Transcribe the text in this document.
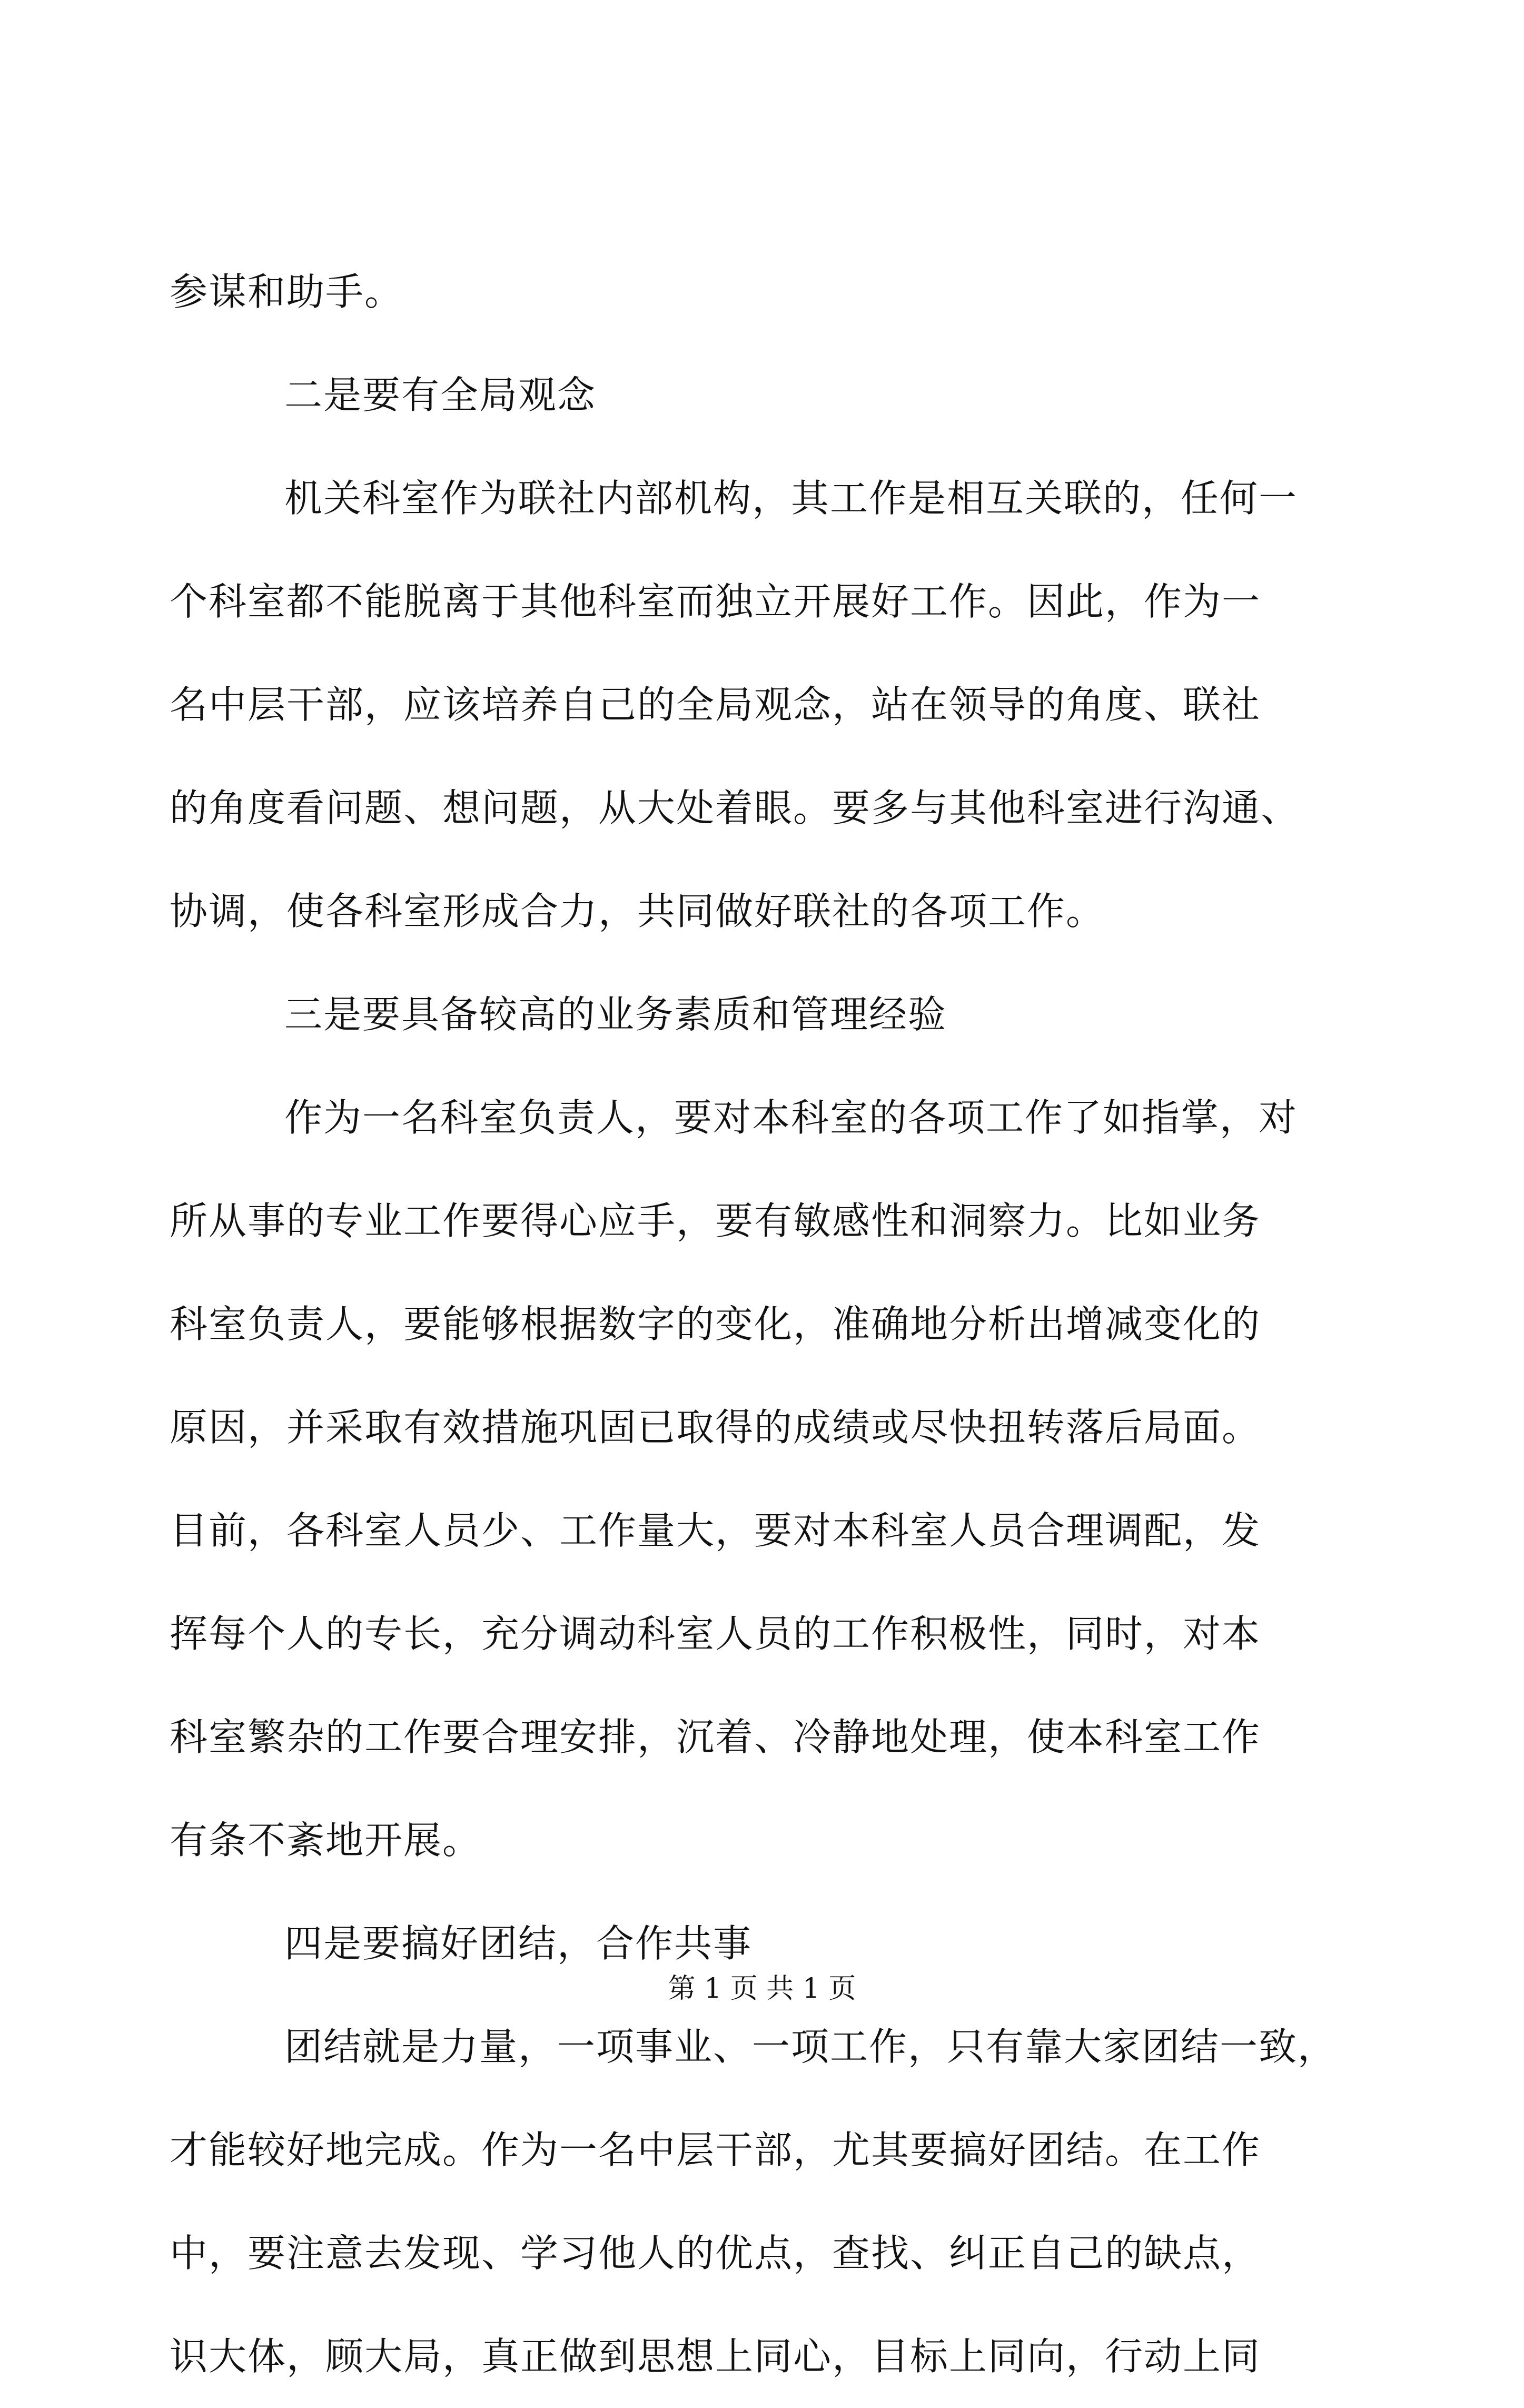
参谋和助手。
二是要有全局观念
机关科室作为联社内部机构，其工作是相互关联的，任何一
个科室都不能脱离于其他科室而独立开展好工作。因此，作为一
名中层干部，应该培养自己的全局观念，站在领导的角度、联社
的角度看问题、想问题，从大处着眼。要多与其他科室进行沟通、
协调，使各科室形成合力，共同做好联社的各项工作。
三是要具备较高的业务素质和管理经验
作为一名科室负责人，要对本科室的各项工作了如指掌，对
所从事的专业工作要得心应手，要有敏感性和洞察力。比如业务
科室负责人，要能够根据数字的变化，准确地分析出增减变化的
原因，并采取有效措施巩固已取得的成绩或尽快扭转落后局面。
目前，各科室人员少、工作量大，要对本科室人员合理调配，发
挥每个人的专长，充分调动科室人员的工作积极性，同时，对本
科室繁杂的工作要合理安排，沉着、冷静地处理，使本科室工作
有条不紊地开展。
四是要搞好团结，合作共事
团结就是力量，一项事业、一项工作，只有靠大家团结一致，
才能较好地完成。作为一名中层干部，尤其要搞好团结。在工作
中，要注意去发现、学习他人的优点，查找、纠正自己的缺点，
识大体，顾大局，真正做到思想上同心，目标上同向，行动上同
第 1 页 共 1 页
